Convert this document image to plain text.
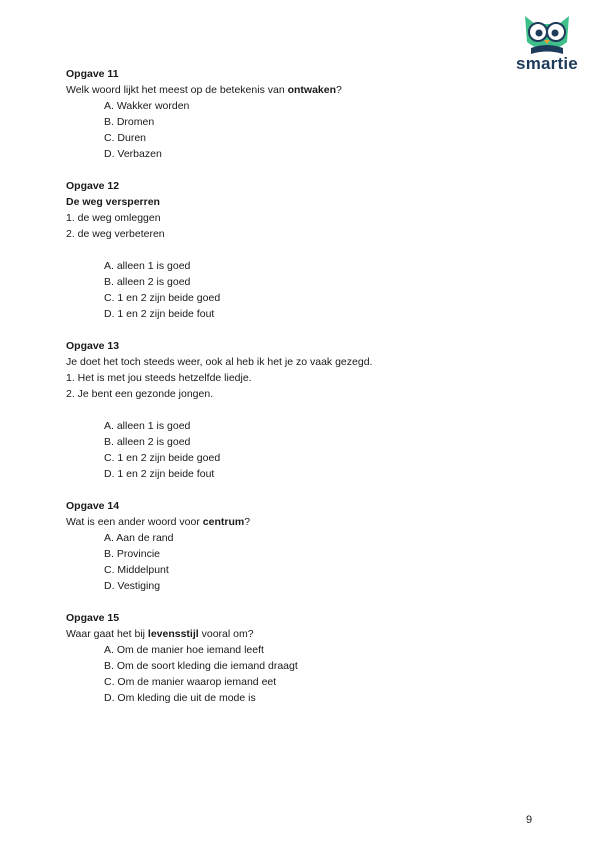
smartie
Opgave 11
Welk woord lijkt het meest op de betekenis van ontwaken?
A. Wakker worden
B. Dromen
C. Duren
D. Verbazen
Opgave 12
De weg versperren
1. de weg omleggen
2. de weg verbeteren
A. alleen 1 is goed
B. alleen 2 is goed
C. 1 en 2 zijn beide goed
D. 1 en 2 zijn beide fout
Opgave 13
Je doet het toch steeds weer, ook al heb ik het je zo vaak gezegd.
1. Het is met jou steeds hetzelfde liedje.
2. Je bent een gezonde jongen.
A. alleen 1 is goed
B. alleen 2 is goed
C. 1 en 2 zijn beide goed
D. 1 en 2 zijn beide fout
Opgave 14
Wat is een ander woord voor centrum?
A. Aan de rand
B. Provincie
C. Middelpunt
D. Vestiging
Opgave 15
Waar gaat het bij levensstijl vooral om?
A. Om de manier hoe iemand leeft
B. Om de soort kleding die iemand draagt
C. Om de manier waarop iemand eet
D. Om kleding die uit de mode is
9
